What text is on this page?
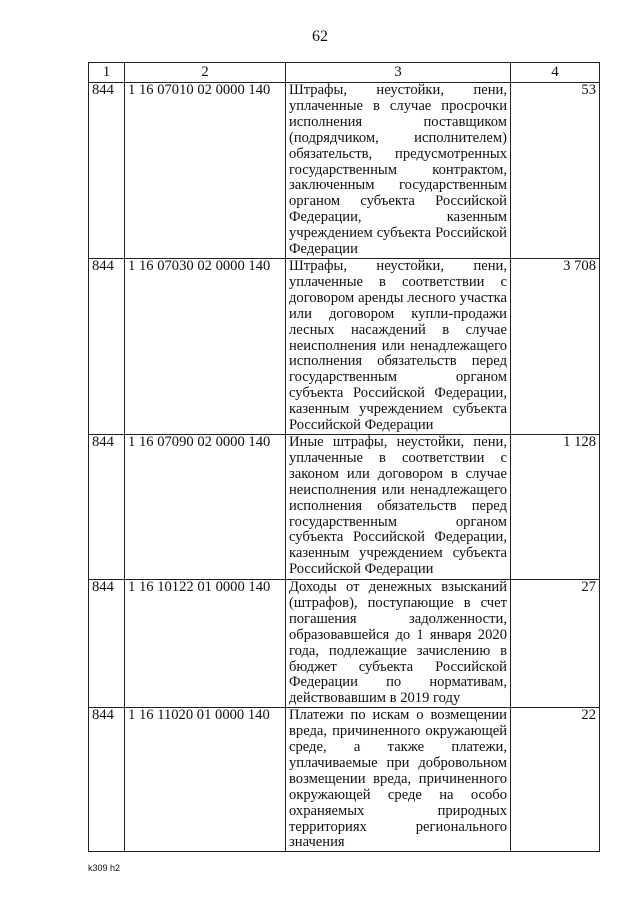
62
1	2	3	4
844	1 16 07010 02 0000 140	Штрафы, неустойки, пени, уплаченные в случае просрочки исполнения поставщиком (подрядчиком, исполнителем) обязательств, предусмотренных государственным контрактом, заключенным государственным органом субъекта Российской Федерации, казенным учреждением субъекта Российской Федерации	53
844	1 16 07030 02 0000 140	Штрафы, неустойки, пени, уплаченные в соответствии с договором аренды лесного участка или договором купли-продажи лесных насаждений в случае неисполнения или ненадлежащего исполнения обязательств перед государственным органом субъекта Российской Федерации, казенным учреждением субъекта Российской Федерации	3 708
844	1 16 07090 02 0000 140	Иные штрафы, неустойки, пени, уплаченные в соответствии с законом или договором в случае неисполнения или ненадлежащего исполнения обязательств перед государственным органом субъекта Российской Федерации, казенным учреждением субъекта Российской Федерации	1 128
844	1 16 10122 01 0000 140	Доходы от денежных взысканий (штрафов), поступающие в счет погашения задолженности, образовавшейся до 1 января 2020 года, подлежащие зачислению в бюджет субъекта Российской Федерации по нормативам, действовавшим в 2019 году	27
844	1 16 11020 01 0000 140	Платежи по искам о возмещении вреда, причиненного окружающей среде, а также платежи, уплачиваемые при добровольном возмещении вреда, причиненного окружающей среде на особо охраняемых природных территориях регионального значения	22
k309 h2
